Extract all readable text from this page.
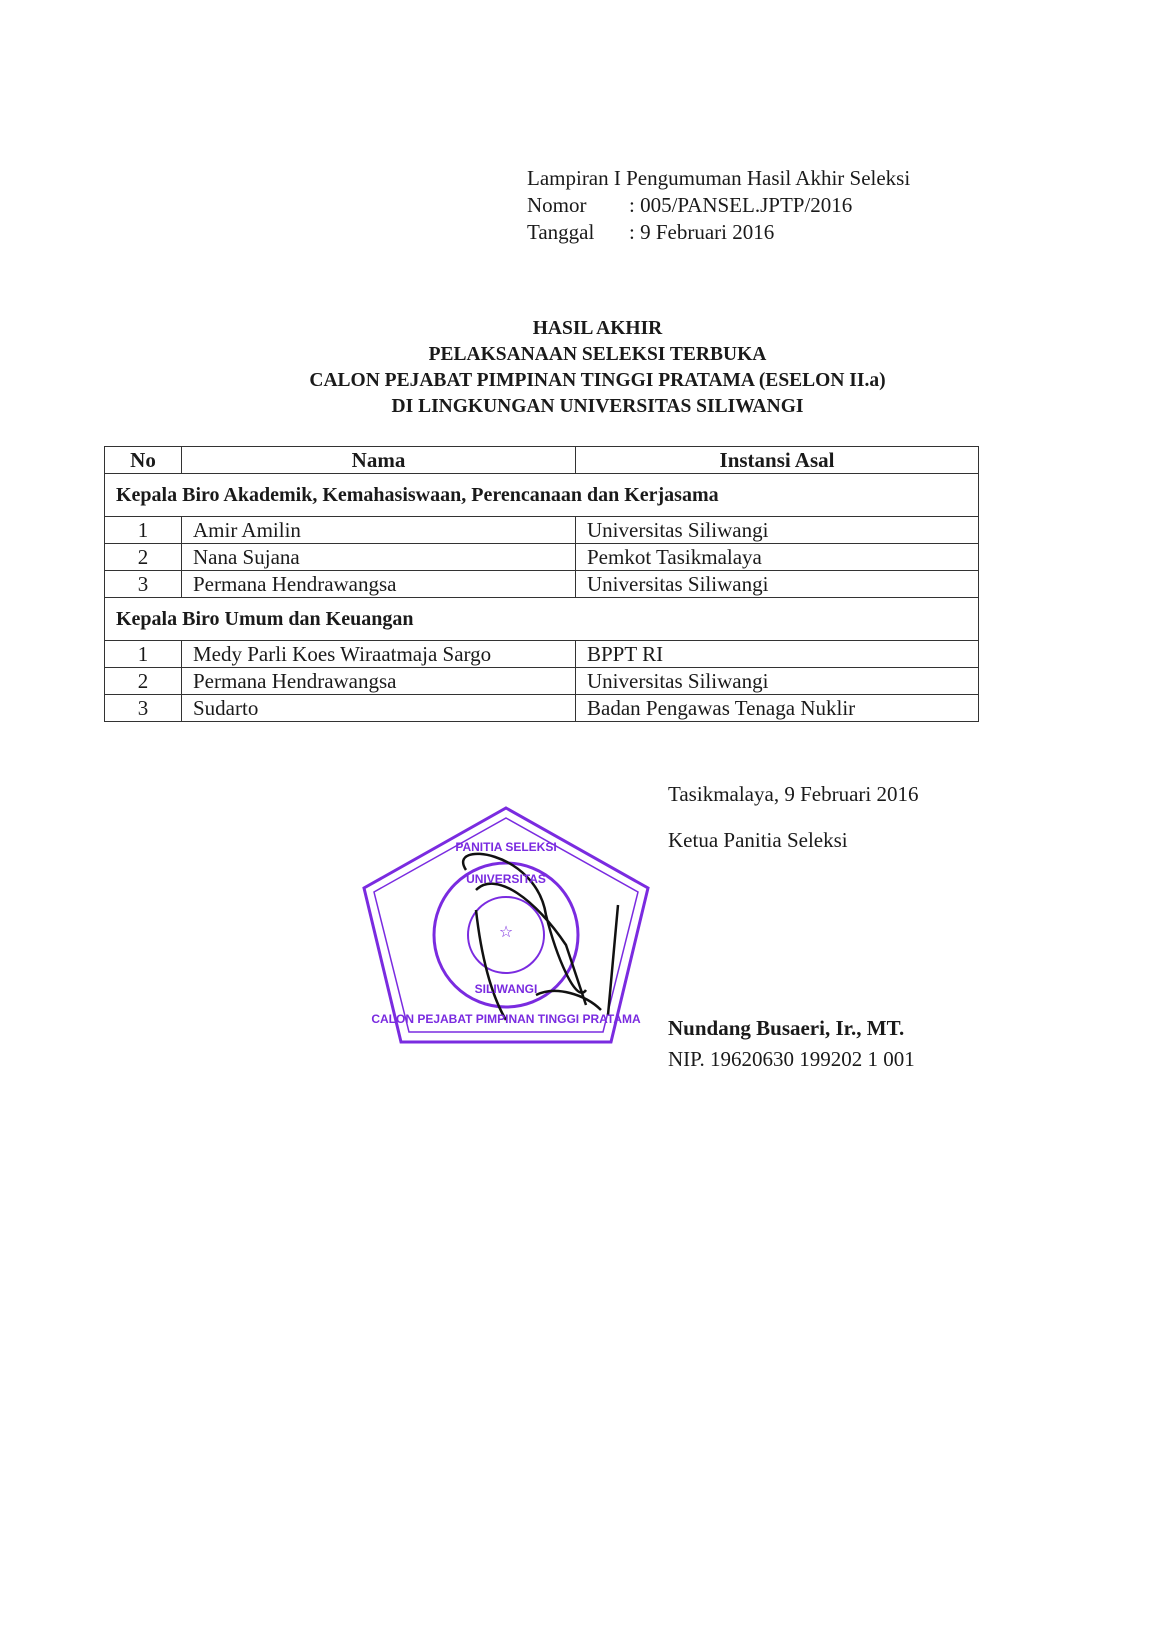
Lampiran I Pengumuman Hasil Akhir Seleksi
Nomor	: 005/PANSEL.JPTP/2016
Tanggal	: 9 Februari 2016
HASIL AKHIR
PELAKSANAAN SELEKSI TERBUKA
CALON PEJABAT PIMPINAN TINGGI PRATAMA (ESELON II.a)
DI LINGKUNGAN UNIVERSITAS SILIWANGI
No	Nama	Instansi Asal
Kepala Biro Akademik, Kemahasiswaan, Perencanaan dan Kerjasama		
1	Amir Amilin	Universitas Siliwangi
2	Nana Sujana	Pemkot Tasikmalaya
3	Permana Hendrawangsa	Universitas Siliwangi
Kepala Biro Umum dan Keuangan		
1	Medy Parli Koes Wiraatmaja Sargo	BPPT RI
2	Permana Hendrawangsa	Universitas Siliwangi
3	Sudarto	Badan Pengawas Tenaga Nuklir
PANITIA SELEKSI
UNIVERSITAS
☆
SILIWANGI
CALON PEJABAT PIMPINAN TINGGI PRATAMA
Tasikmalaya, 9 Februari 2016
Ketua Panitia Seleksi
Nundang Busaeri, Ir., MT.
NIP. 19620630 199202 1 001
